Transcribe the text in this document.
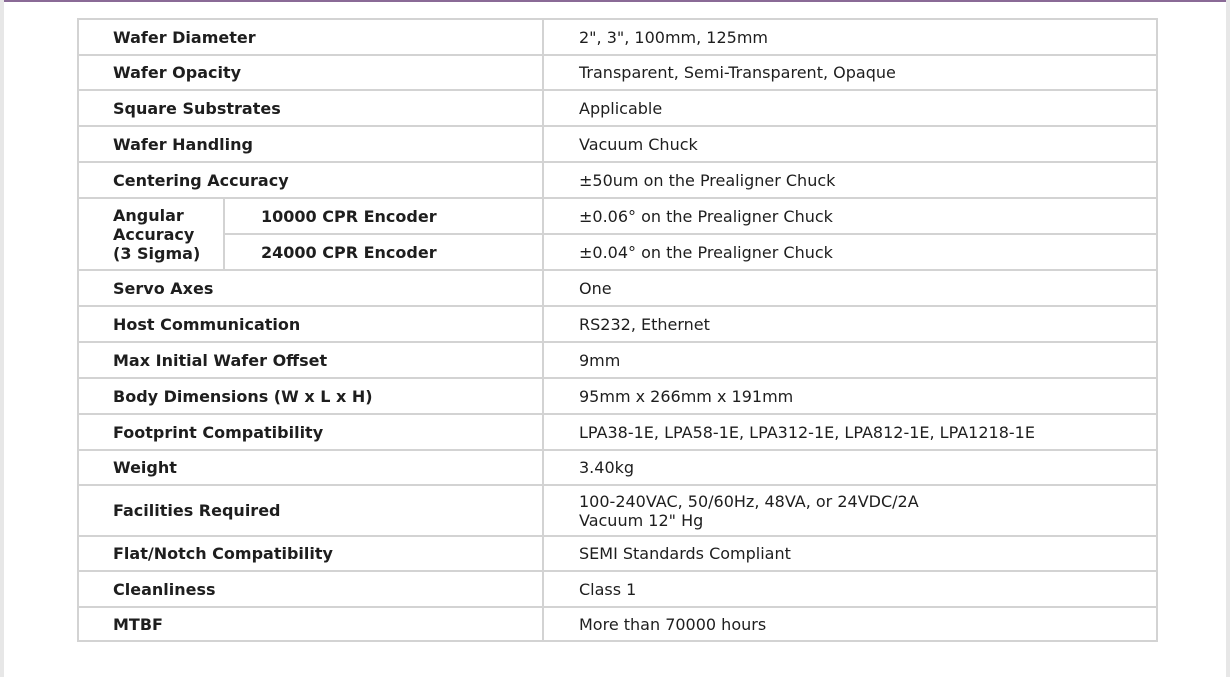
Wafer Diameter		2", 3", 100mm, 125mm
Wafer Opacity		Transparent, Semi-Transparent, Opaque
Square Substrates		Applicable
Wafer Handling		Vacuum Chuck
Centering Accuracy		±50um on the Prealigner Chuck

Angular
Accuracy
(3 Sigma)	10000 CPR Encoder	±0.06° on the Prealigner Chuck
	24000 CPR Encoder	±0.04° on the Prealigner Chuck
Servo Axes		One
Host Communication		RS232, Ethernet
Max Initial Wafer Offset		9mm
Body Dimensions (W x L x H)		95mm x 266mm x 191mm
Footprint Compatibility		LPA38-1E, LPA58-1E, LPA312-1E, LPA812-1E, LPA1218-1E
Weight		3.40kg
Facilities Required		100-240VAC, 50/60Hz, 48VA, or 24VDC/2A
Vacuum 12" Hg

Flat/Notch Compatibility		SEMI Standards Compliant
Cleanliness		Class 1
MTBF		More than 70000 hours
